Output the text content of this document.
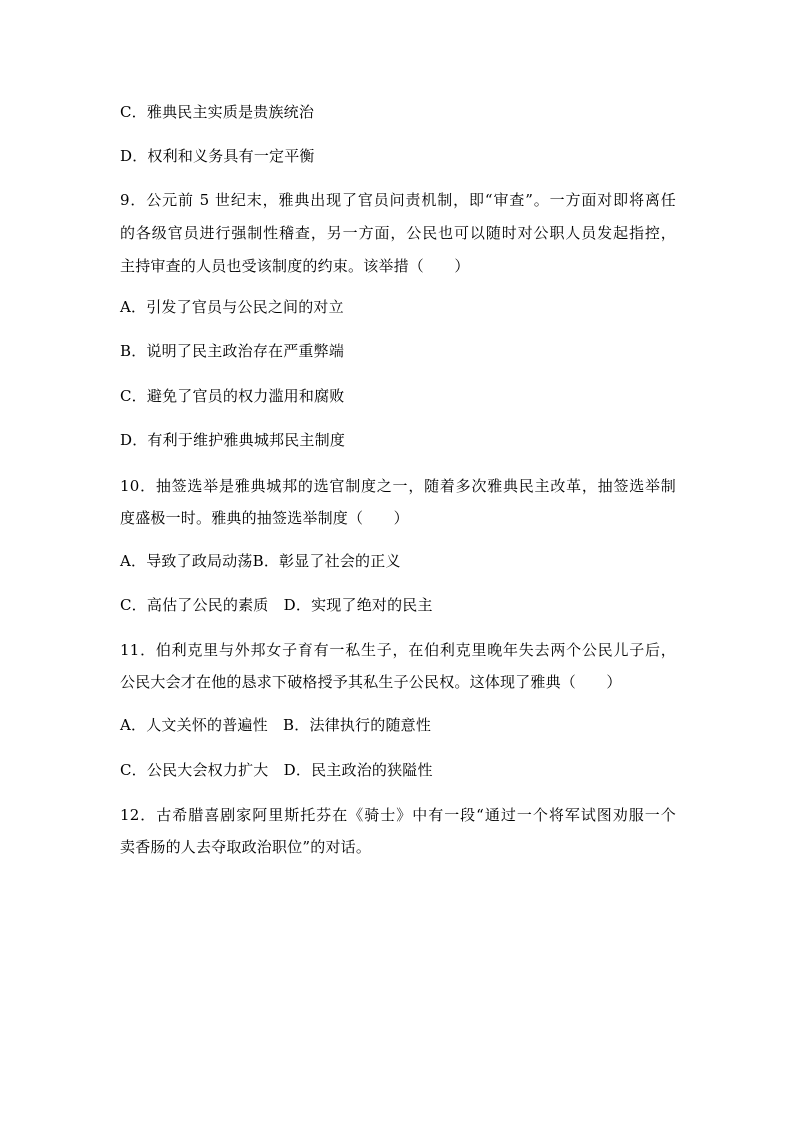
C．雅典民主实质是贵族统治
D．权利和义务具有一定平衡
9．公元前 5 世纪末，雅典出现了官员问责机制，即“审查”。一方面对即将离任
的各级官员进行强制性稽查，另一方面，公民也可以随时对公职人员发起指控，
主持审查的人员也受该制度的约束。该举措（　　）
A．引发了官员与公民之间的对立
B．说明了民主政治存在严重弊端
C．避免了官员的权力滥用和腐败
D．有利于维护雅典城邦民主制度
10．抽签选举是雅典城邦的选官制度之一，随着多次雅典民主改革，抽签选举制
度盛极一时。雅典的抽签选举制度（　　）
A．导致了政局动荡B．彰显了社会的正义
C．高估了公民的素质　D．实现了绝对的民主
11．伯利克里与外邦女子育有一私生子，在伯利克里晚年失去两个公民儿子后，
公民大会才在他的恳求下破格授予其私生子公民权。这体现了雅典（　　）
A．人文关怀的普遍性　B．法律执行的随意性
C．公民大会权力扩大　D．民主政治的狭隘性
12．古希腊喜剧家阿里斯托芬在《骑士》中有一段“通过一个将军试图劝服一个
卖香肠的人去夺取政治职位”的对话。
